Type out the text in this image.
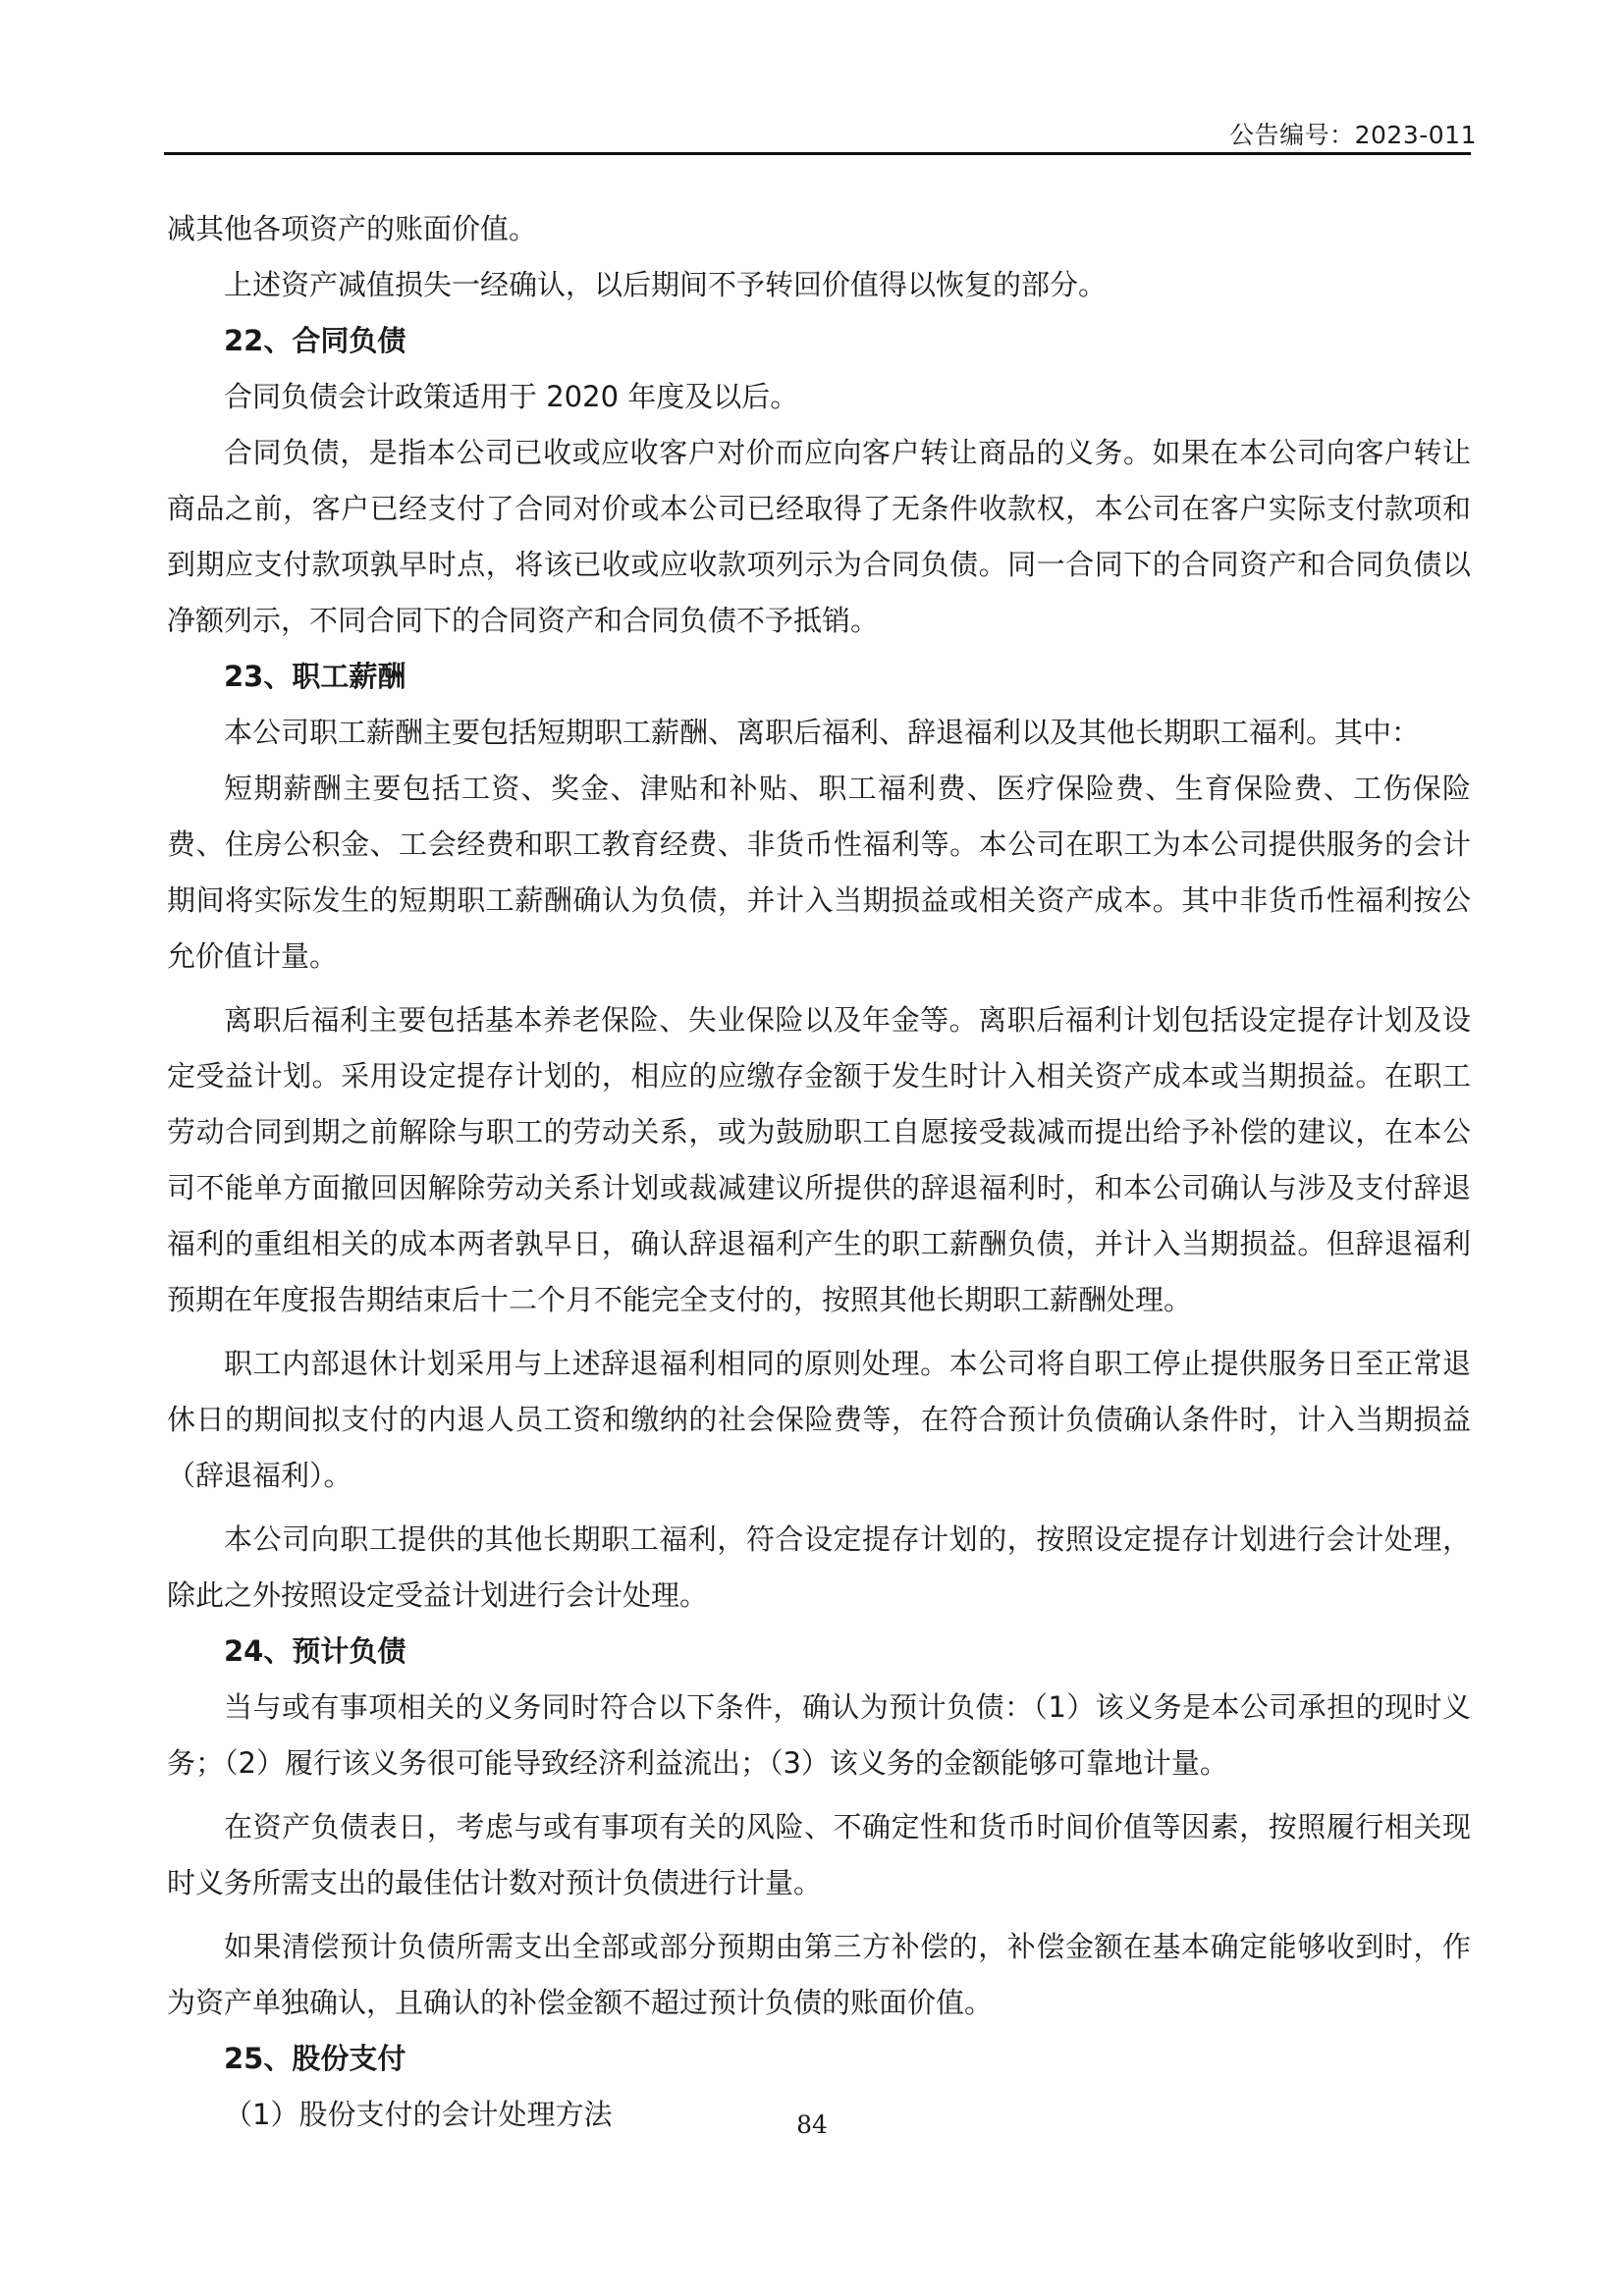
公告编号：2023-011

减其他各项资产的账面价值。

上述资产减值损失一经确认，以后期间不予转回价值得以恢复的部分。

22、合同负债

合同负债会计政策适用于 2020 年度及以后。

合同负债，是指本公司已收或应收客户对价而应向客户转让商品的义务。如果在本公司向客户转让商品之前，客户已经支付了合同对价或本公司已经取得了无条件收款权，本公司在客户实际支付款项和到期应支付款项孰早时点，将该已收或应收款项列示为合同负债。同一合同下的合同资产和合同负债以净额列示，不同合同下的合同资产和合同负债不予抵销。

23、职工薪酬

本公司职工薪酬主要包括短期职工薪酬、离职后福利、辞退福利以及其他长期职工福利。其中：

短期薪酬主要包括工资、奖金、津贴和补贴、职工福利费、医疗保险费、生育保险费、工伤保险费、住房公积金、工会经费和职工教育经费、非货币性福利等。本公司在职工为本公司提供服务的会计期间将实际发生的短期职工薪酬确认为负债，并计入当期损益或相关资产成本。其中非货币性福利按公允价值计量。

离职后福利主要包括基本养老保险、失业保险以及年金等。离职后福利计划包括设定提存计划及设定受益计划。采用设定提存计划的，相应的应缴存金额于发生时计入相关资产成本或当期损益。在职工劳动合同到期之前解除与职工的劳动关系，或为鼓励职工自愿接受裁减而提出给予补偿的建议，在本公司不能单方面撤回因解除劳动关系计划或裁减建议所提供的辞退福利时，和本公司确认与涉及支付辞退福利的重组相关的成本两者孰早日，确认辞退福利产生的职工薪酬负债，并计入当期损益。但辞退福利预期在年度报告期结束后十二个月不能完全支付的，按照其他长期职工薪酬处理。

职工内部退休计划采用与上述辞退福利相同的原则处理。本公司将自职工停止提供服务日至正常退休日的期间拟支付的内退人员工资和缴纳的社会保险费等，在符合预计负债确认条件时，计入当期损益（辞退福利）。

本公司向职工提供的其他长期职工福利，符合设定提存计划的，按照设定提存计划进行会计处理，除此之外按照设定受益计划进行会计处理。

24、预计负债

当与或有事项相关的义务同时符合以下条件，确认为预计负债：（1）该义务是本公司承担的现时义务；（2）履行该义务很可能导致经济利益流出；（3）该义务的金额能够可靠地计量。

在资产负债表日，考虑与或有事项有关的风险、不确定性和货币时间价值等因素，按照履行相关现时义务所需支出的最佳估计数对预计负债进行计量。

如果清偿预计负债所需支出全部或部分预期由第三方补偿的，补偿金额在基本确定能够收到时，作为资产单独确认，且确认的补偿金额不超过预计负债的账面价值。

25、股份支付

（1）股份支付的会计处理方法	84
